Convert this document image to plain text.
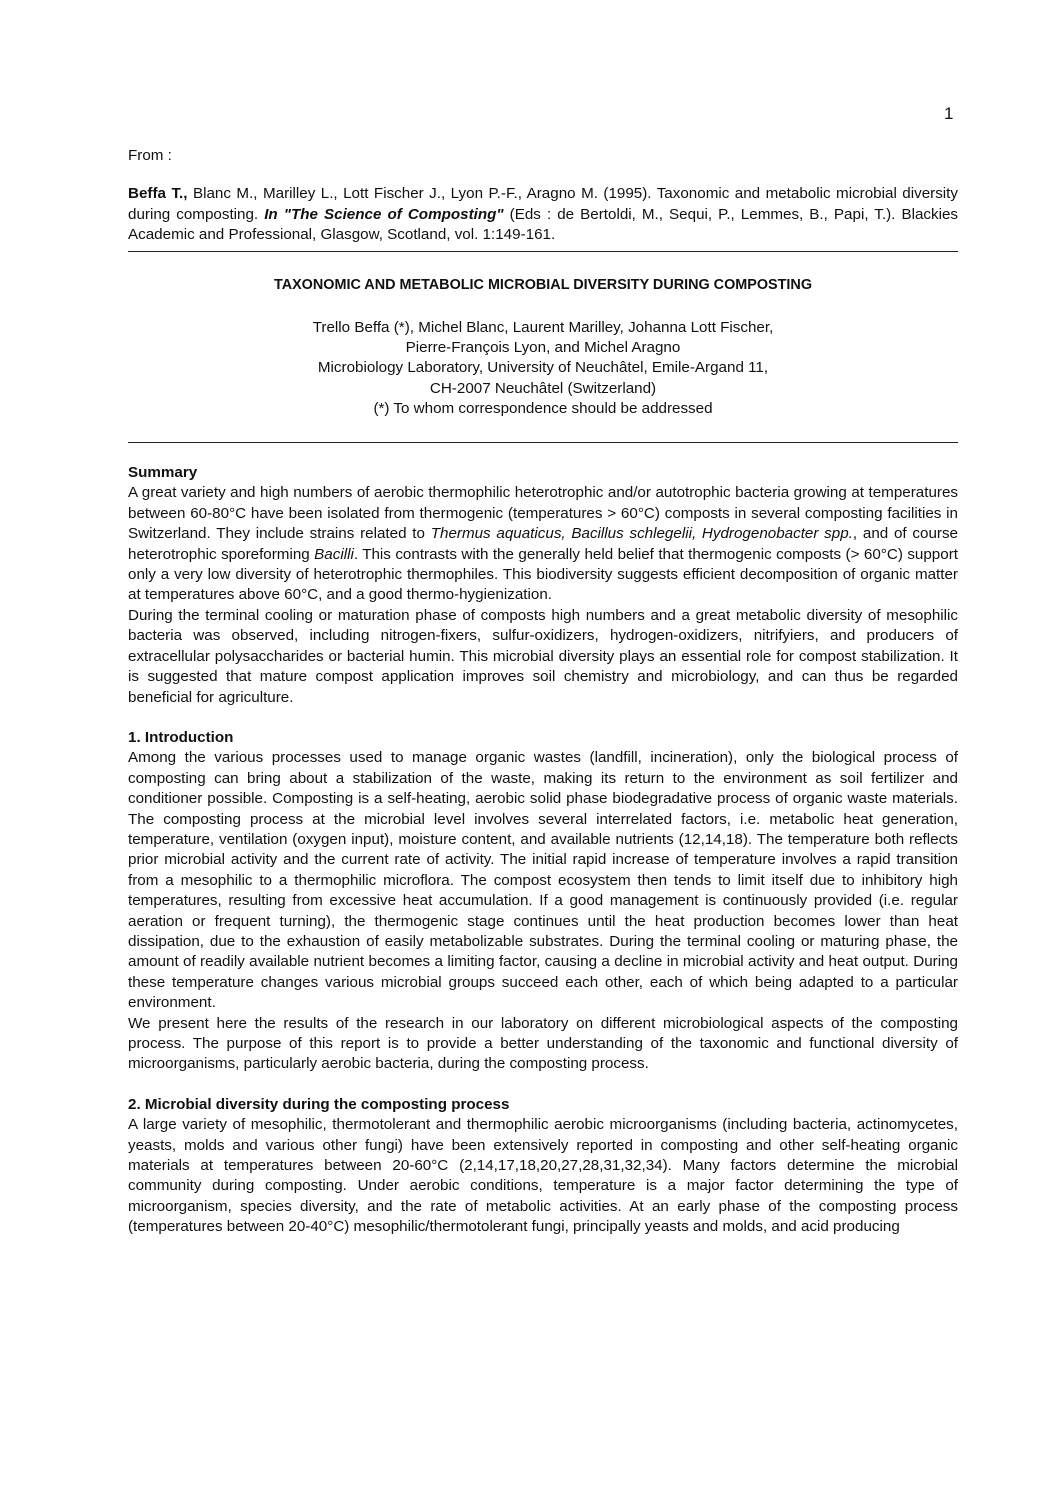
1

From :

Beffa T., Blanc M., Marilley L., Lott Fischer J., Lyon P.-F., Aragno M. (1995). Taxonomic and metabolic microbial diversity during composting. In "The Science of Composting" (Eds : de Bertoldi, M., Sequi, P., Lemmes, B., Papi, T.). Blackies Academic and Professional, Glasgow, Scotland, vol. 1:149-161.

TAXONOMIC AND METABOLIC MICROBIAL DIVERSITY DURING COMPOSTING

Trello Beffa (*), Michel Blanc, Laurent Marilley, Johanna Lott Fischer,
Pierre-François Lyon, and Michel Aragno
Microbiology Laboratory, University of Neuchâtel, Emile-Argand 11,
CH-2007 Neuchâtel (Switzerland)
(*) To whom correspondence should be addressed
Summary

A great variety and high numbers of aerobic thermophilic heterotrophic and/or autotrophic bacteria growing at temperatures between 60-80°C have been isolated from thermogenic (temperatures > 60°C) composts in several composting facilities in Switzerland. They include strains related to Thermus aquaticus, Bacillus schlegelii, Hydrogenobacter spp., and of course heterotrophic sporeforming Bacilli. This contrasts with the generally held belief that thermogenic composts (> 60°C) support only a very low diversity of heterotrophic thermophiles. This biodiversity suggests efficient decomposition of organic matter at temperatures above 60°C, and a good thermo-hygienization.

During the terminal cooling or maturation phase of composts high numbers and a great metabolic diversity of mesophilic bacteria was observed, including nitrogen-fixers, sulfur-oxidizers, hydrogen-oxidizers, nitrifyiers, and producers of extracellular polysaccharides or bacterial humin. This microbial diversity plays an essential role for compost stabilization. It is suggested that mature compost application improves soil chemistry and microbiology, and can thus be regarded beneficial for agriculture.

1. Introduction

Among the various processes used to manage organic wastes (landfill, incineration), only the biological process of composting can bring about a stabilization of the waste, making its return to the environment as soil fertilizer and conditioner possible. Composting is a self-heating, aerobic solid phase biodegradative process of organic waste materials. The composting process at the microbial level involves several interrelated factors, i.e. metabolic heat generation, temperature, ventilation (oxygen input), moisture content, and available nutrients (12,14,18). The temperature both reflects prior microbial activity and the current rate of activity. The initial rapid increase of temperature involves a rapid transition from a mesophilic to a thermophilic microflora. The compost ecosystem then tends to limit itself due to inhibitory high temperatures, resulting from excessive heat accumulation. If a good management is continuously provided (i.e. regular aeration or frequent turning), the thermogenic stage continues until the heat production becomes lower than heat dissipation, due to the exhaustion of easily metabolizable substrates. During the terminal cooling or maturing phase, the amount of readily available nutrient becomes a limiting factor, causing a decline in microbial activity and heat output. During these temperature changes various microbial groups succeed each other, each of which being adapted to a particular environment.

We present here the results of the research in our laboratory on different microbiological aspects of the composting process. The purpose of this report is to provide a better understanding of the taxonomic and functional diversity of microorganisms, particularly aerobic bacteria, during the composting process.

2. Microbial diversity during the composting process

A large variety of mesophilic, thermotolerant and thermophilic aerobic microorganisms (including bacteria, actinomycetes, yeasts, molds and various other fungi) have been extensively reported in composting and other self-heating organic materials at temperatures between 20-60°C (2,14,17,18,20,27,28,31,32,34). Many factors determine the microbial community during composting. Under aerobic conditions, temperature is a major factor determining the type of microorganism, species diversity, and the rate of metabolic activities. At an early phase of the composting process (temperatures between 20-40°C) mesophilic/thermotolerant fungi, principally yeasts and molds, and acid producing
